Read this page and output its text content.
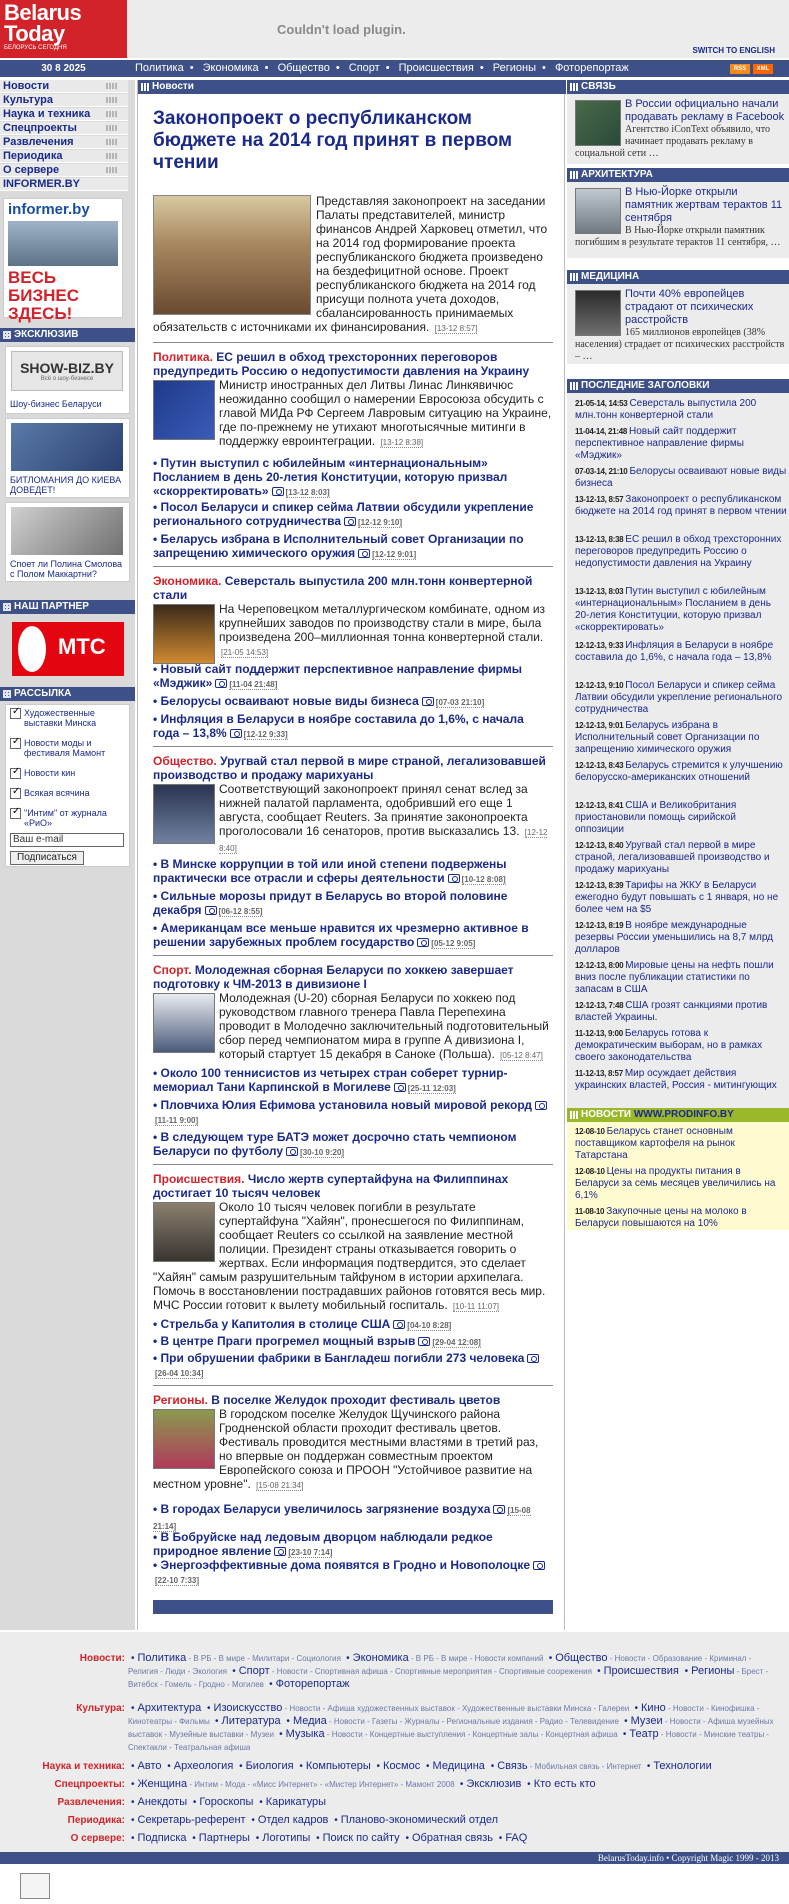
Belarus
Today
БЕЛОРУСЬ СЕГОДНЯ
Couldn't load plugin.
SWITCH TO ENGLISH
30 8 2025	Политика • Экономика • Общество • Спорт • Происшествия • Регионы • Фоторепортаж	RSS	XML
Новости
Культура
Наука и техника
Спецпроекты
Развлечения
Периодика
О сервере
INFORMER.BY
informer.by
ВЕСЬ БИЗНЕС ЗДЕСЬ!
ЭКСКЛЮЗИВ
SHOW-BIZ.BY
Всё о шоу-бизнесе
Шоу-бизнес Беларуси
БИТЛОМАНИЯ ДО КИЕВА ДОВЕДЕТ!
Споет ли Полина Смолова с Полом Маккартни?
НАШ ПАРТНЕР
МТС
РАССЫЛКА
✓
Художественные выставки Минска
✓
Новости моды и фестиваля Мамонт
✓
Новости кин
✓
Всякая всячина
✓
"Интим" от журнала «РиО»
Ваш e-mail
Подписаться
Новости
Законопроект о республиканском бюджете на 2014 год принят в первом чтении
Представляя законопроект на заседании Палаты представителей, министр финансов Андрей Харковец отметил, что на 2014 год формирование проекта республиканского бюджета произведено на бездефицитной основе. Проект республиканского бюджета на 2014 год присущи полнота учета доходов, сбалансированность принимаемых обязательств с источниками их финансирования. [13-12 8:57]
Политика. ЕС решил в обход трехсторонних переговоров предупредить Россию о недопустимости давления на Украину

Министр иностранных дел Литвы Линас Линкявичюс неожиданно сообщил о намерении Евросоюза обсудить с главой МИДа РФ Сергеем Лавровым ситуацию на Украине, где по-прежнему не утихают многотысячные митинги в поддержку евроинтеграции. [13-12 8:38]
• Путин выступил с юбилейным «интернациональным» Посланием в день 20-летия Конституции, которую призвал «скорректировать» [13-12 8:03]
• Посол Беларуси и спикер сейма Латвии обсудили укрепление регионального сотрудничества [12-12 9:10]
• Беларусь избрана в Исполнительный совет Организации по запрещению химического оружия [12-12 9:01]
Экономика. Северсталь выпустила 200 млн.тонн конвертерной стали

На Череповецком металлургическом комбинате, одном из крупнейших заводов по производству стали в мире, была произведена 200–миллионная тонна конвертерной стали. [21-05 14:53]
• Новый сайт поддержит перспективное направление фирмы «Мэджик» [11-04 21:48]
• Белорусы осваивают новые виды бизнеса [07-03 21:10]
• Инфляция в Беларуси в ноябре составила до 1,6%, с начала года – 13,8% [12-12 9:33]
Общество. Уругвай стал первой в мире страной, легализовавшей производство и продажу марихуаны

Соответствующий законопроект принял сенат вслед за нижней палатой парламента, одобривший его еще 1 августа, сообщает Reuters. За принятие законопроекта проголосовали 16 сенаторов, против высказались 13. [12-12 8:40]
• В Минске коррупции в той или иной степени подвержены практически все отрасли и сферы деятельности [10-12 8:08]
• Сильные морозы придут в Беларусь во второй половине декабря [06-12 8:55]
• Американцам все меньше нравится их чрезмерно активное в решении зарубежных проблем государство [05-12 9:05]
Спорт. Молодежная сборная Беларуси по хоккею завершает подготовку к ЧМ-2013 в дивизионе I

Молодежная (U-20) сборная Беларуси по хоккею под руководством главного тренера Павла Перепехина проводит в Молодечно заключительный подготовительный сбор перед чемпионатом мира в группе А дивизиона I, который стартует 15 декабря в Саноке (Польша). [05-12 8:47]
• Около 100 теннисистов из четырех стран соберет турнир-мемориал Тани Карпинской в Могилеве [25-11 12:03]
• Пловчиха Юлия Ефимова установила новый мировой рекорд[11-11 9:00]
• В следующем туре БАТЭ может досрочно стать чемпионом Беларуси по футболу [30-10 9:20]
Происшествия. Число жертв супертайфуна на Филиппинах достигает 10 тысяч человек

Около 10 тысяч человек погибли в результате супертайфуна "Хайян", пронесшегося по Филиппинам, сообщает Reuters со ссылкой на заявление местной полиции. Президент страны отказывается говорить о жертвах. Если информация подтвердится, это сделает "Хайян" самым разрушительным тайфуном в истории архипелага. Помочь в восстановлении пострадавших районов готовятся весь мир. МЧС России готовит к вылету мобильный госпиталь. [10-11 11:07]
• Стрельба у Капитолия в столице США [04-10 8:28]
• В центре Праги прогремел мощный взрыв [29-04 12:08]
• При обрушении фабрики в Бангладеш погибли 273 человека[26-04 10:34]
Регионы. В поселке Желудок проходит фестиваль цветов

В городском поселке Желудок Щучинского района Гродненской области проходит фестиваль цветов. Фестиваль проводится местными властями в третий раз, но впервые он поддержан совместным проектом Европейского союза и ПРООН "Устойчивое развитие на местном уровне". [15-08 21:34]
• В городах Беларуси увеличилось загрязнение воздуха [15-08 21:14]
• В Бобруйске над ледовым дворцом наблюдали редкое природное явление [23-10 7:14]
• Энергоэффективные дома появятся в Гродно и Новополоцке[22-10 7:33]
СВЯЗЬ
В России официально начали продавать рекламу в Facebook
Агентство iConText объявило, что начинает продавать рекламу в социальной сети …
АРХИТЕКТУРА
В Нью-Йорке открыли памятник жертвам терактов 11 сентября
В Нью-Йорке открыли памятник погибшим в результате терактов 11 сентября, …
МЕДИЦИНА
Почти 40% европейцев страдают от психических расстройств
165 миллионов европейцев (38% населения) страдает от психических расстройств – …
ПОСЛЕДНИЕ ЗАГОЛОВКИ
21-05-14, 14:53 Северсталь выпустила 200 млн.тонн конвертерной стали
11-04-14, 21:48 Новый сайт поддержит перспективное направление фирмы «Мэджик»
07-03-14, 21:10 Белорусы осваивают новые виды бизнеса
13-12-13, 8:57 Законопроект о республиканском бюджете на 2014 год принят в первом чтении
13-12-13, 8:38 ЕС решил в обход трехсторонних переговоров предупредить Россию о недопустимости давления на Украину
13-12-13, 8:03 Путин выступил с юбилейным «интернациональным» Посланием в день 20-летия Конституции, которую призвал «скорректировать»
12-12-13, 9:33 Инфляция в Беларуси в ноябре составила до 1,6%, с начала года – 13,8%
12-12-13, 9:10 Посол Беларуси и спикер сейма Латвии обсудили укрепление регионального сотрудничества
12-12-13, 9:01 Беларусь избрана в Исполнительный совет Организации по запрещению химического оружия
12-12-13, 8:43 Беларусь стремится к улучшению белорусско-американских отношений
12-12-13, 8:41 США и Великобритания приостановили помощь сирийской оппозиции
12-12-13, 8:40 Уругвай стал первой в мире страной, легализовавшей производство и продажу марихуаны
12-12-13, 8:39 Тарифы на ЖКУ в Беларуси ежегодно будут повышать с 1 января, но не более чем на $5
12-12-13, 8:19 В ноябре международные резервы России уменьшились на 8,7 млрд долларов
12-12-13, 8:00 Мировые цены на нефть пошли вниз после публикации статистики по запасам в США
12-12-13, 7:48 США грозят санкциями против властей Украины.
11-12-13, 9:00 Беларусь готова к демократическим выборам, но в рамках своего законодательства
11-12-13, 8:57 Мир осуждает действия украинских властей, Россия - митингующих
НОВОСТИ WWW.PRODINFO.BY
12-08-10 Беларусь станет основным поставщиком картофеля на рынок Татарстана
12-08-10 Цены на продукты питания в Беларуси за семь месяцев увеличились на 6,1%
11-08-10 Закупочные цены на молоко в Беларуси повышаются на 10%
Новости: • Политика - В РБ - В мире - Милитари - Социология • Экономика - В РБ - В мире - Новости компаний • Общество - Новости - Образование - Криминал - Религия - Люди - Экология • Спорт - Новости - Спортивная афиша - Спортивные мероприятия - Спортивные соорежения • Происшествия • Регионы - Брест - Витебск - Гомель - Гродно - Могилев • Фоторепортаж
Культура: • Архитектура • Изоискусство - Новости - Афиша художественных выставок - Художественные выставки Минска - Галереи • Кино - Новости - Кинофишка - Кинотеатры - Фильмы • Литература • Медиа - Новости - Газеты - Журналы - Региональные издания - Радио - Телевидение • Музеи - Новости - Афиша музейных выставок - Музейные выставки - Музеи • Музыка - Новости - Концертные выступления - Концертные залы - Концертная афиша • Театр - Новости - Минские театры - Спектакли - Театральная афиша
Наука и техника: • Авто • Археология • Биология • Компьютеры • Космос • Медицина • Связь - Мобильная связь - Интернет • Технологии
Спецпроекты: • Женщина - Интим - Мода - «Мисс Интернет» - «Мистер Интернет» - Мамонт 2008 • Эксклюзив • Кто есть кто
Развлечения: • Анекдоты • Гороскопы • Карикатуры
Периодика: • Секретарь-референт • Отдел кадров • Планово-экономический отдел
О сервере: • Подписка • Партнеры • Логотипы • Поиск по сайту • Обратная связь • FAQ
BelarusToday.info • Copyright Magic 1999 - 2013
